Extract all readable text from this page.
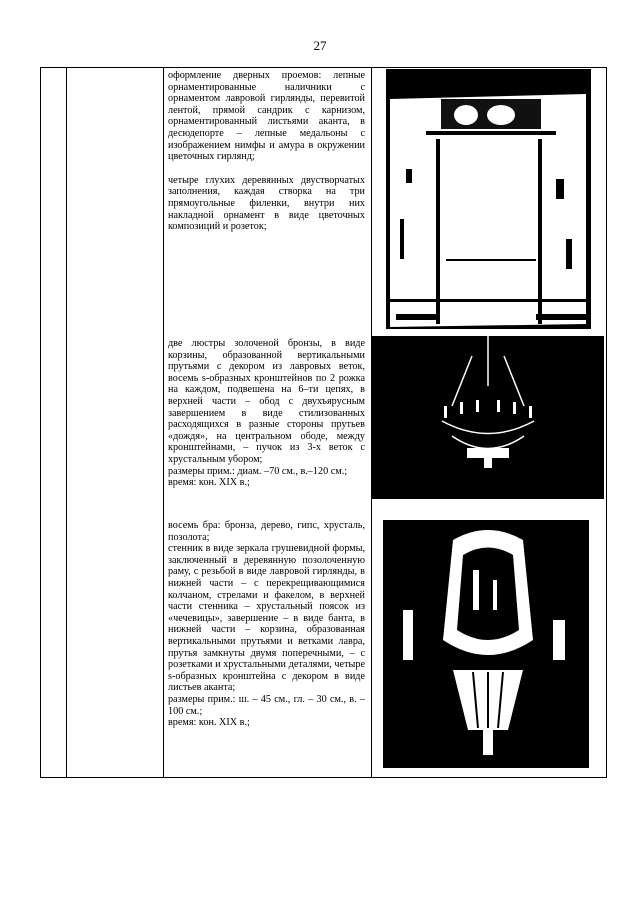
27

оформление дверных проемов: лепные орнаментированные наличники с орнаментом лавровой гирлянды, перевитой лентой, прямой сандрик с карнизом, орнаментированный листьями аканта, в десюдепорте – лепные медальоны с изображением нимфы и амура в окружении цветочных гирлянд;

четыре глухих деревянных двустворчатых заполнения, каждая створка на три прямоугольные филенки, внутри них накладной орнамент в виде цветочных композиций и розеток;

две люстры золоченой бронзы, в виде корзины, образованной вертикальными прутьями с декором из лавровых веток, восемь s-образных кронштейнов по 2 рожка на каждом, подвешена на 6–ти цепях, в верхней части – обод с двухъярусным завершением в виде стилизованных расходящихся в разные стороны прутьев «дождя», на центральном ободе, между кронштейнами, – пучок из 3-х веток с хрустальным убором;

размеры прим.: диам. –70 см., в.–120 см.;

время: кон. XIX в.;

восемь бра: бронза, дерево, гипс, хрусталь, позолота;

стенник в виде зеркала грушевидной формы, заключенный в деревянную позолоченную раму, с резьбой в виде лавровой гирлянды, в нижней части – с перекрещивающимися колчаном, стрелами и факелом, в верхней части стенника – хрустальный поясок из «чечевицы», завершение – в виде банта, в нижней части – корзина, образованная вертикальными прутьями и ветками лавра, прутья замкнуты двумя поперечными, – с розетками и хрустальными деталями, четыре s-образных кронштейна с декором в виде листьев аканта;

размеры прим.: ш. – 45 см., гл. – 30 см., в. – 100 см.;

время: кон. XIX в.;
